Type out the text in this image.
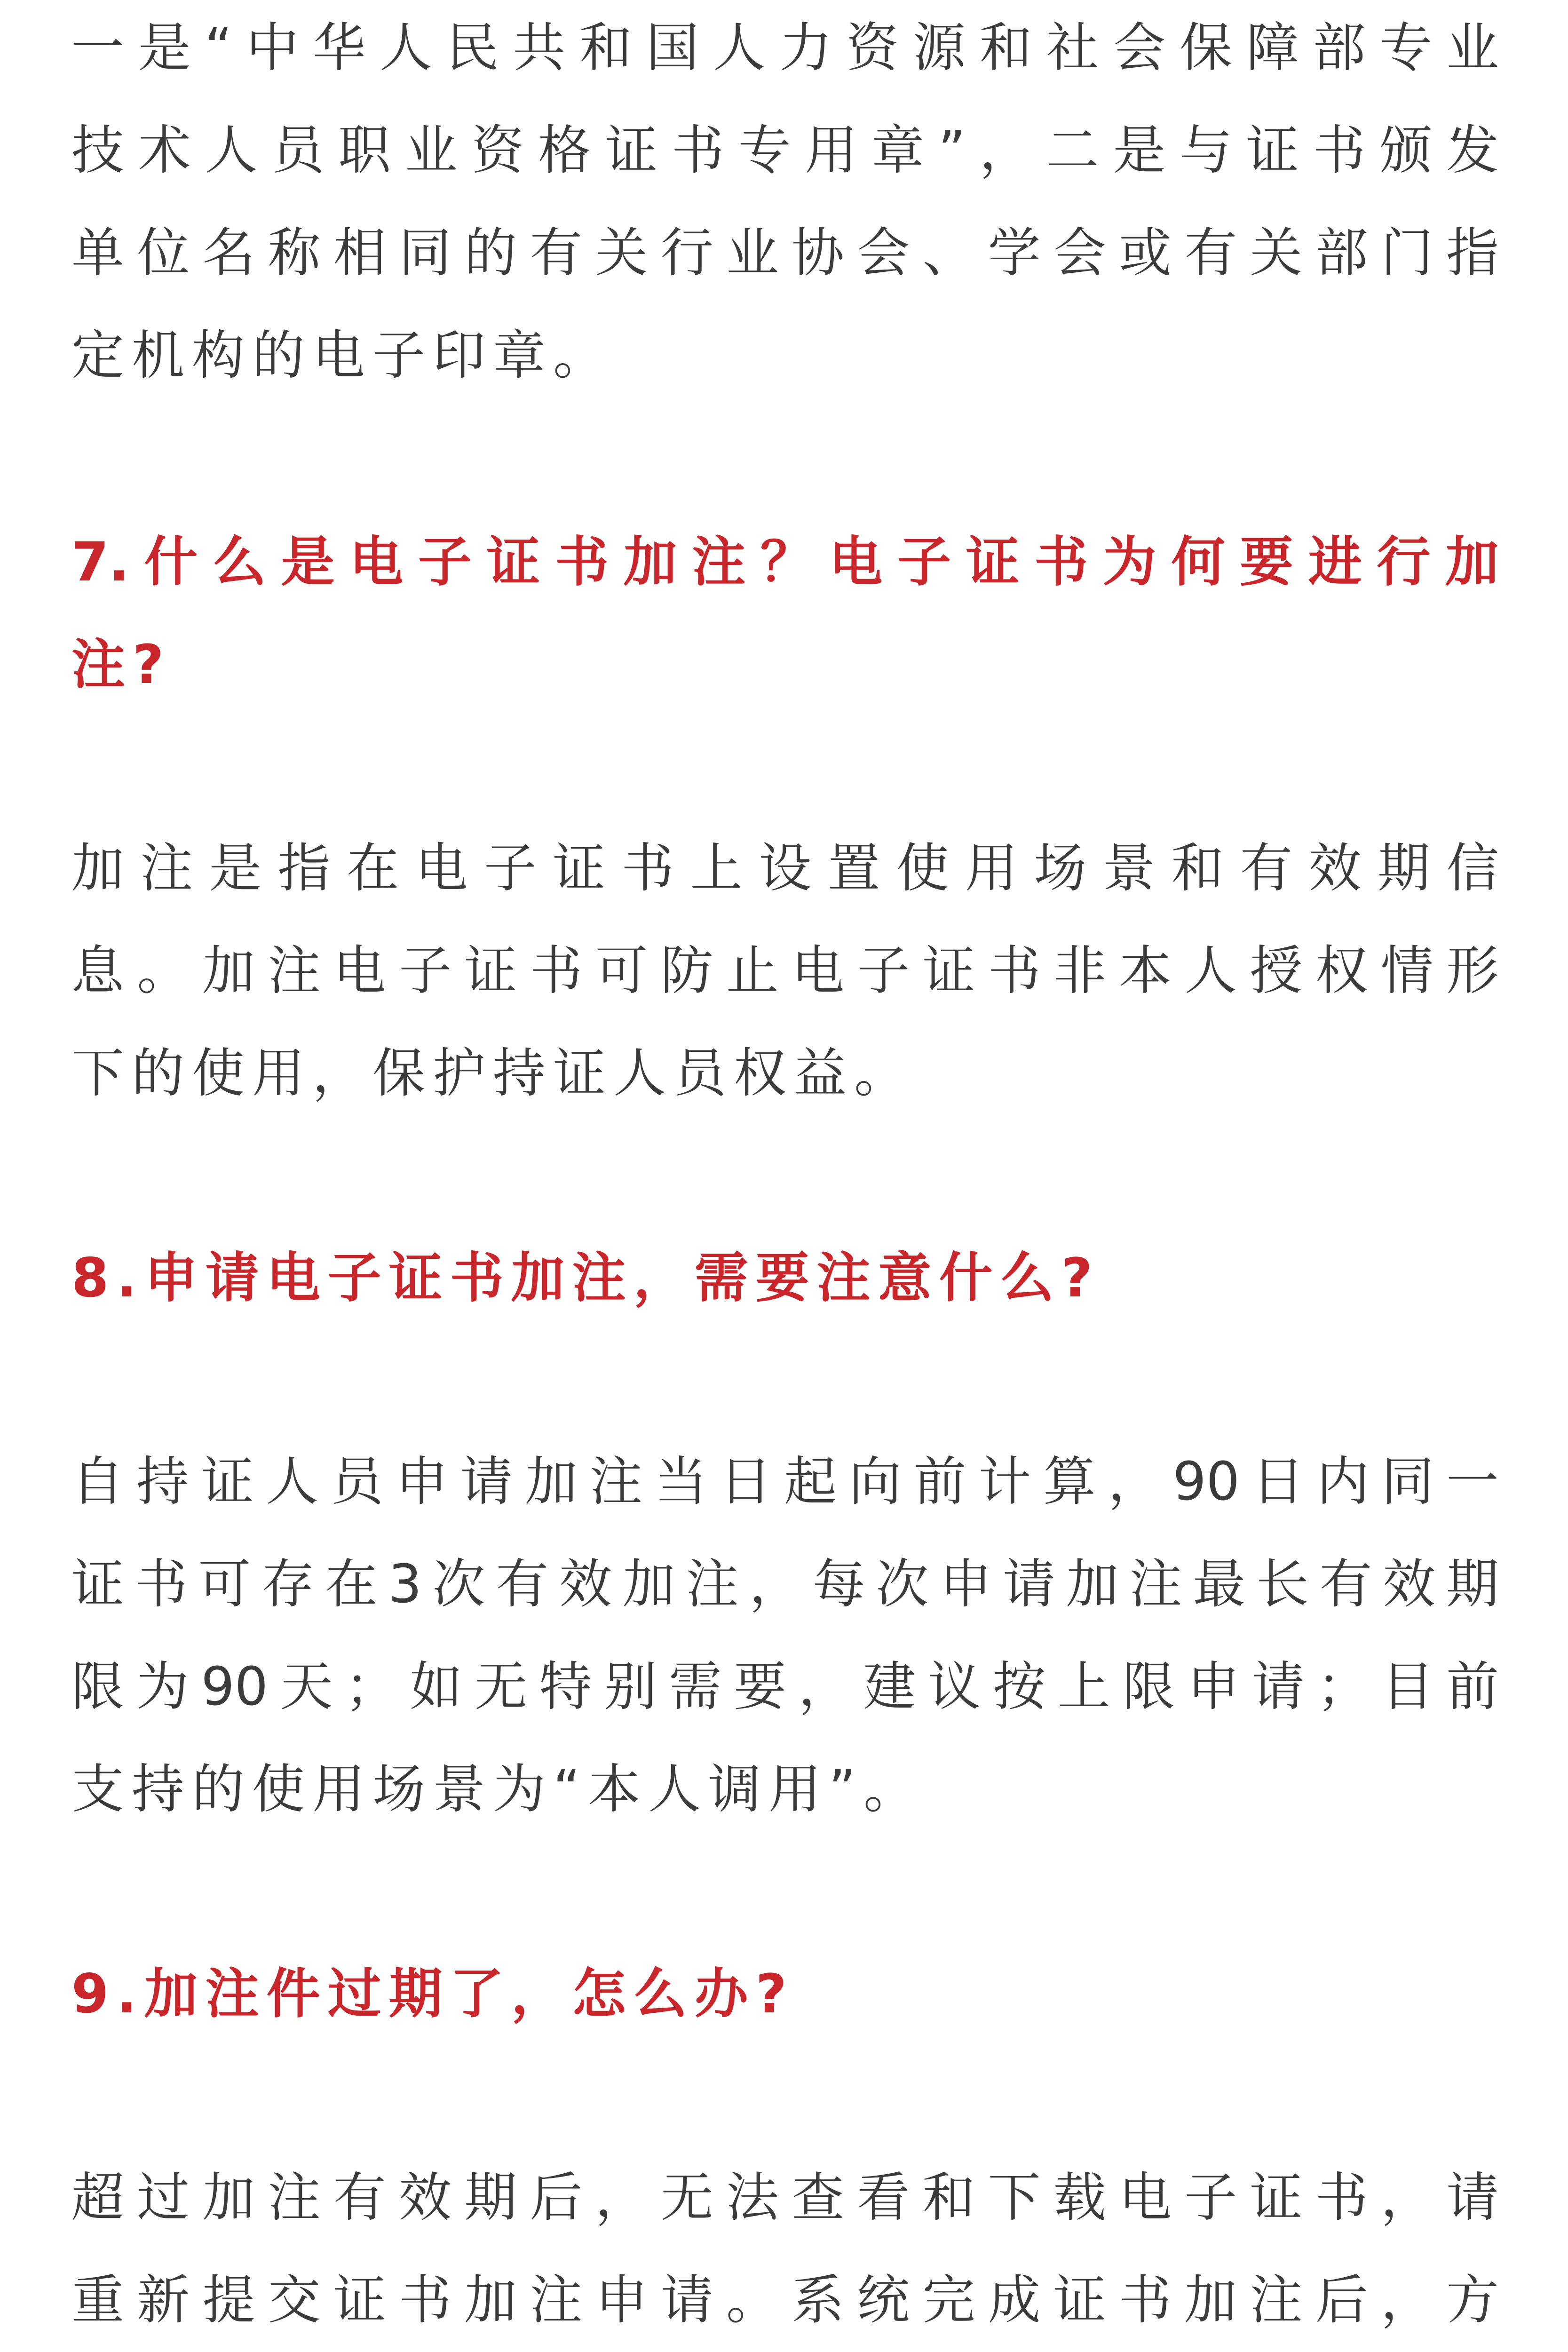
一是“中华人民共和国人力资源和社会保障部专业
技术人员职业资格证书专用章”，二是与证书颁发
单位名称相同的有关行业协会、学会或有关部门指
定机构的电子印章。
7.什么是电子证书加注？电子证书为何要进行加
注?
加注是指在电子证书上设置使用场景和有效期信
息。加注电子证书可防止电子证书非本人授权情形
下的使用，保护持证人员权益。
8.申请电子证书加注，需要注意什么?
自持证人员申请加注当日起向前计算，90日内同一
证书可存在3次有效加注，每次申请加注最长有效期
限为90天；如无特别需要，建议按上限申请；目前
支持的使用场景为“本人调用”。
9.加注件过期了，怎么办?
超过加注有效期后，无法查看和下载电子证书，请
重新提交证书加注申请。系统完成证书加注后，方
